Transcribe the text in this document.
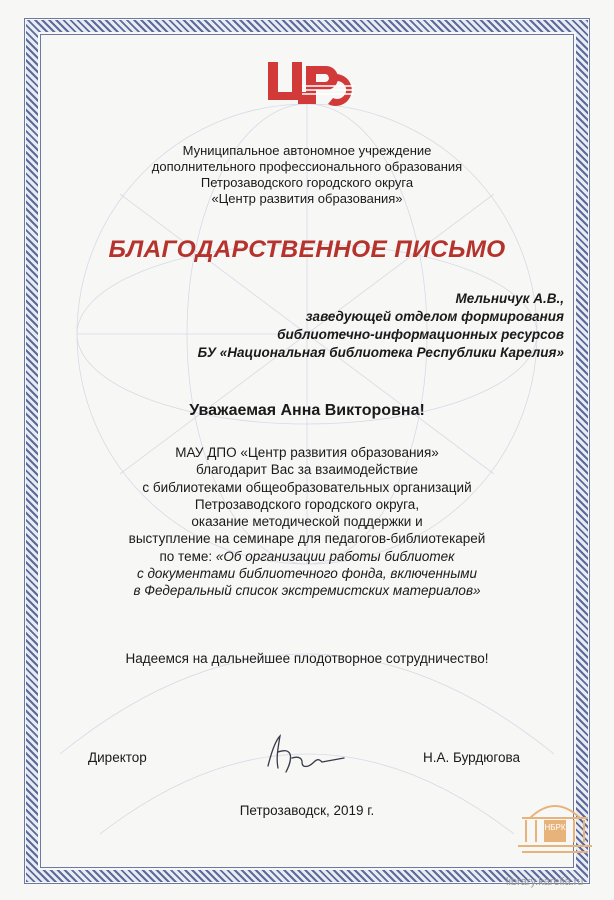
Муниципальное автономное учреждение
дополнительного профессионального образования
Петрозаводского городского округа
«Центр развития образования»
БЛАГОДАРСТВЕННОЕ ПИСЬМО
Мельничук А.В.,
заведующей отделом формирования
библиотечно-информационных ресурсов
БУ «Национальная библиотека Республики Карелия»
Уважаемая Анна Викторовна!
МАУ ДПО «Центр развития образования»
благодарит Вас за взаимодействие
с библиотеками общеобразовательных организаций
Петрозаводского городского округа,
оказание методической поддержки и
выступление на семинаре для педагогов-библиотекарей
по теме: «Об организации работы библиотек
с документами библиотечного фонда, включенными
в Федеральный список экстремистских материалов»
Надеемся на дальнейшее плодотворное сотрудничество!
Директор	Н.А. Бурдюгова
Петрозаводск, 2019 г.
НБРК
library.karelia.ru
